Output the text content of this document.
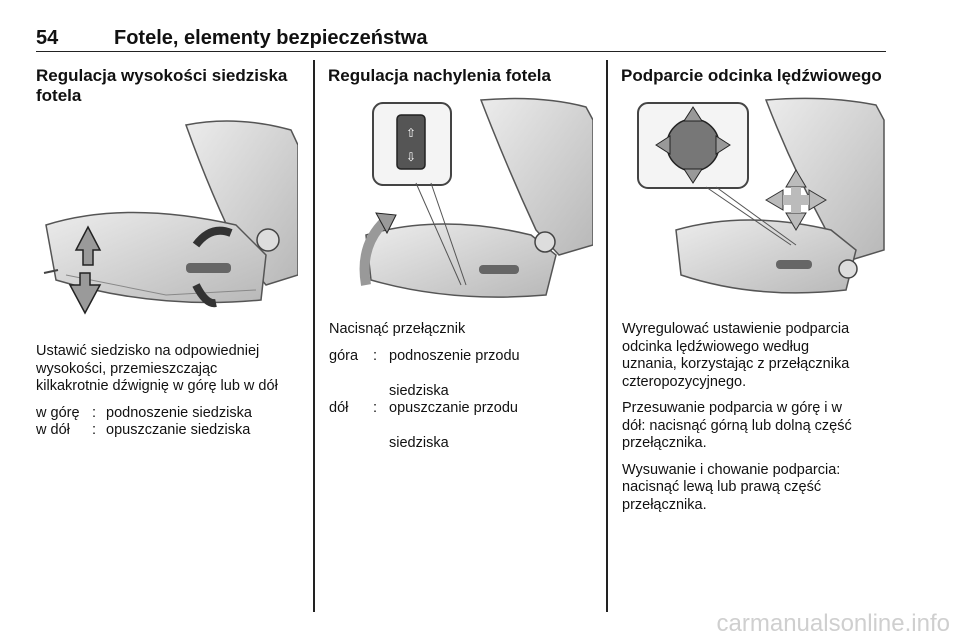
54	Fotele, elementy bezpieczeństwa

Regulacja wysokości siedziska
fotela

Ustawić siedzisko na odpowiedniej
wysokości, przemieszczając
kilkakrotnie dźwignię w górę lub w dół

w górę : podnoszenie siedziska
w dół	: opuszczanie siedziska

Regulacja nachylenia fotela

⇧
⇩

Nacisnąć przełącznik

góra	: podnoszenie przodu

siedziska
dół	: opuszczanie przodu

siedziska

Podparcie odcinka lędźwiowego

Wyregulować ustawienie podparcia
odcinka lędźwiowego według
uznania, korzystając z przełącznika
czteropozycyjnego.

Przesuwanie podparcia w górę i w
dół: nacisnąć górną lub dolną część
przełącznika.

Wysuwanie i chowanie podparcia:
nacisnąć lewą lub prawą część
przełącznika.

carmanualsonline.info
